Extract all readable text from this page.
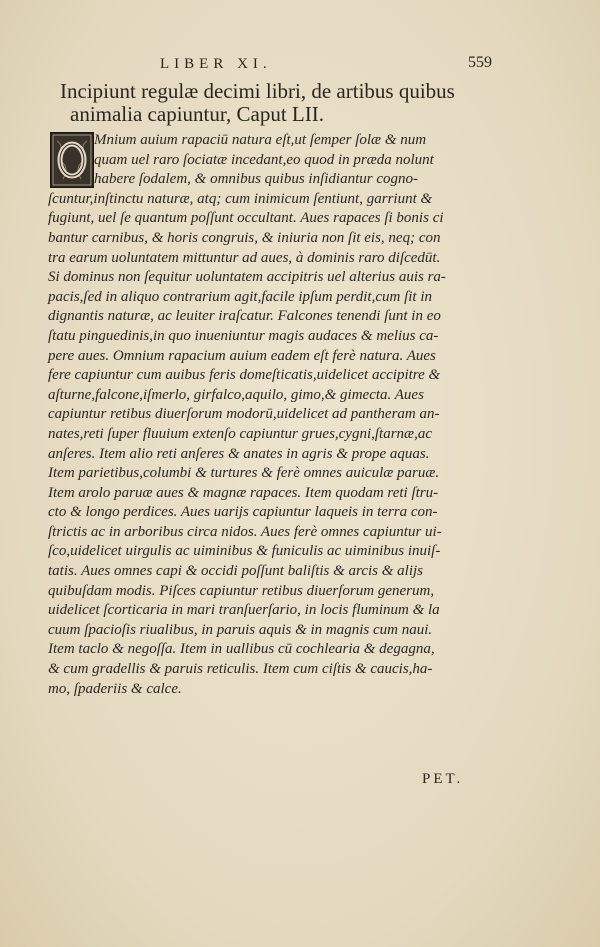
LIBER XI.	559
Incipiunt regulæ decimi libri, de artibus quibus
animalia capiuntur, Caput LII.
Mnium auium rapaciū natura eſt,ut ſemper ſolæ & num
quam uel raro ſociatæ incedant,eo quod in præda nolunt
habere ſodalem, & omnibus quibus inſidiantur cogno-
ſcuntur,inſtinctu naturæ, atq; cum inimicum ſentiunt, garriunt &
fugiunt, uel ſe quantum poſſunt occultant. Aues rapaces ſi bonis ci
bantur carnibus, & horis congruis, & iniuria non ſit eis, neq; con
tra earum uoluntatem mittuntur ad aues, à dominis raro diſcedūt.
Si dominus non ſequitur uoluntatem accipitris uel alterius auis ra-
pacis,ſed in aliquo contrarium agit,facile ipſum perdit,cum ſit in
dignantis naturæ, ac leuiter iraſcatur. Falcones tenendi ſunt in eo
ſtatu pinguedinis,in quo inueniuntur magis audaces & melius ca-
pere aues. Omnium rapacium auium eadem eſt ferè natura. Aues
fere capiuntur cum auibus feris domeſticatis,uidelicet accipitre &
aſturne,falcone,iſmerlo, girfalco,aquilo, gimo,& gimecta. Aues
capiuntur retibus diuerſorum modorū,uidelicet ad pantheram an-
nates,reti ſuper fluuium extenſo capiuntur grues,cygni,ſtarnæ,ac
anſeres. Item alio reti anſeres & anates in agris & prope aquas.
Item parietibus,columbi & turtures & ferè omnes auiculæ paruæ.
Item arolo paruæ aues & magnæ rapaces. Item quodam reti ſtru-
cto & longo perdices. Aues uarijs capiuntur laqueis in terra con-
ſtrictis ac in arboribus circa nidos. Aues ferè omnes capiuntur ui-
ſco,uidelicet uirgulis ac uiminibus & funiculis ac uiminibus inuiſ-
tatis. Aues omnes capi & occidi poſſunt baliſtis & arcis & alijs
quibuſdam modis. Piſces capiuntur retibus diuerſorum generum,
uidelicet ſcorticaria in mari tranſuerſario, in locis fluminum & la
cuum ſpacioſis riualibus, in paruis aquis & in magnis cum naui.
Item taclo & negoſſa. Item in uallibus cū cochlearia & degagna,
& cum gradellis & paruis reticulis. Item cum ciſtis & caucis,ha-
mo, ſpaderiis & calce.
PET.
